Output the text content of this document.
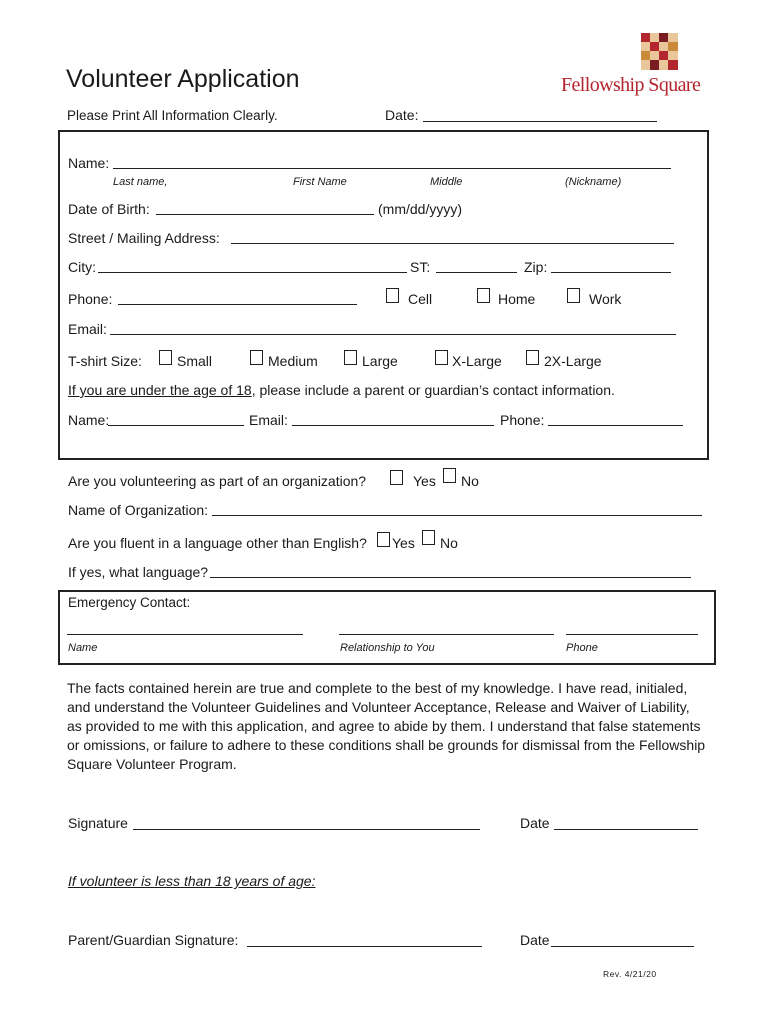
Volunteer Application
Please Print All Information Clearly.	Date:
Fellowship Square
Name:
Last name,	First Name	Middle	(Nickname)
Date of Birth:	(mm/dd/yyyy)
Street / Mailing Address:
City:	ST:	Zip:
Phone:	Cell	Home	Work
Email:
T-shirt Size:	Small	Medium	Large	X-Large	2X-Large
If you are under the age of 18, please include a parent or guardian’s contact information.
Name:	Email:	Phone:
Are you volunteering as part of an organization?	Yes No
Name of Organization:
Are you fluent in a language other than English? Yes No
If yes, what language?
Emergency Contact:
Name	Relationship to You	Phone
The facts contained herein are true and complete to the best of my knowledge. I have read, initialed, and understand the Volunteer Guidelines and Volunteer Acceptance, Release and Waiver of Liability, as provided to me with this application, and agree to abide by them. I understand that false statements or omissions, or failure to adhere to these conditions shall be grounds for dismissal from the Fellowship Square Volunteer Program.
Signature	Date
If volunteer is less than 18 years of age:
Parent/Guardian Signature:	Date
Rev. 4/21/20
